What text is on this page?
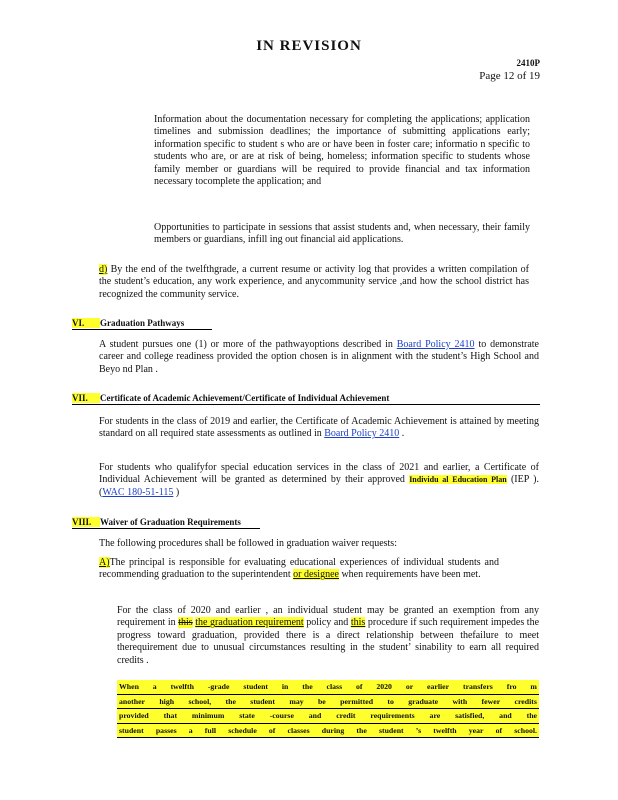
IN REVISION
2410P
Page 12 of 19
Information about the documentation necessary for completing the applications; application timelines and submission deadlines; the importance of submitting applications early; information specific to student s who are or have been in foster care; informatio n specific to students who are, or are at risk of being, homeless; information specific to students whose family member or guardians will be required to provide financial and tax information necessary tocomplete the application; and
Opportunities to participate in sessions that assist students and, when necessary, their family members or guardians, infill ing out financial aid applications.
d) By the end of the twelfthgrade, a current resume or activity log that provides a written compilation of the student’s education, any work experience, and anycommunity service ,and how the school district has recognized the community service.
VI.	Graduation Pathways
A student pursues one (1) or more of the pathwayoptions described in Board Policy 2410 to demonstrate career and college readiness provided the option chosen is in alignment with the student’s High School and Beyo nd Plan .
VII.	Certificate of Academic Achievement/Certificate of Individual Achievement
For students in the class of 2019 and earlier, the Certificate of Academic Achievement is attained by meeting standard on all required state assessments as outlined in Board Policy 2410 .
For students who qualifyfor special education services in the class of 2021 and earlier, a Certificate of Individual Achievement will be granted as determined by their approved Individu al Education Plan (IEP ). (WAC 180-51-115 )
VIII. Waiver of Graduation Requirements
The following procedures shall be followed in graduation waiver requests:
A)The principal is responsible for evaluating educational experiences of individual students and recommending graduation to the superintendent or designee when requirements have been met.
For the class of 2020 and earlier , an individual student may be granted an exemption from any requirement in this the graduation requirement policy and this procedure if such requirement impedes the progress toward graduation, provided there is a direct relationship between thefailure to meet therequirement due to unusual circumstances resulting in the student’ sinability to earn all required credits .
When a twelfth -grade student in the class of 2020 or earlier transfers fro m
another high school, the student may be permitted to graduate with fewer credits
provided that minimum state -course and credit requirements are satisfied, and the
student passes a full schedule of classes during the student ’s twelfth year of school.
